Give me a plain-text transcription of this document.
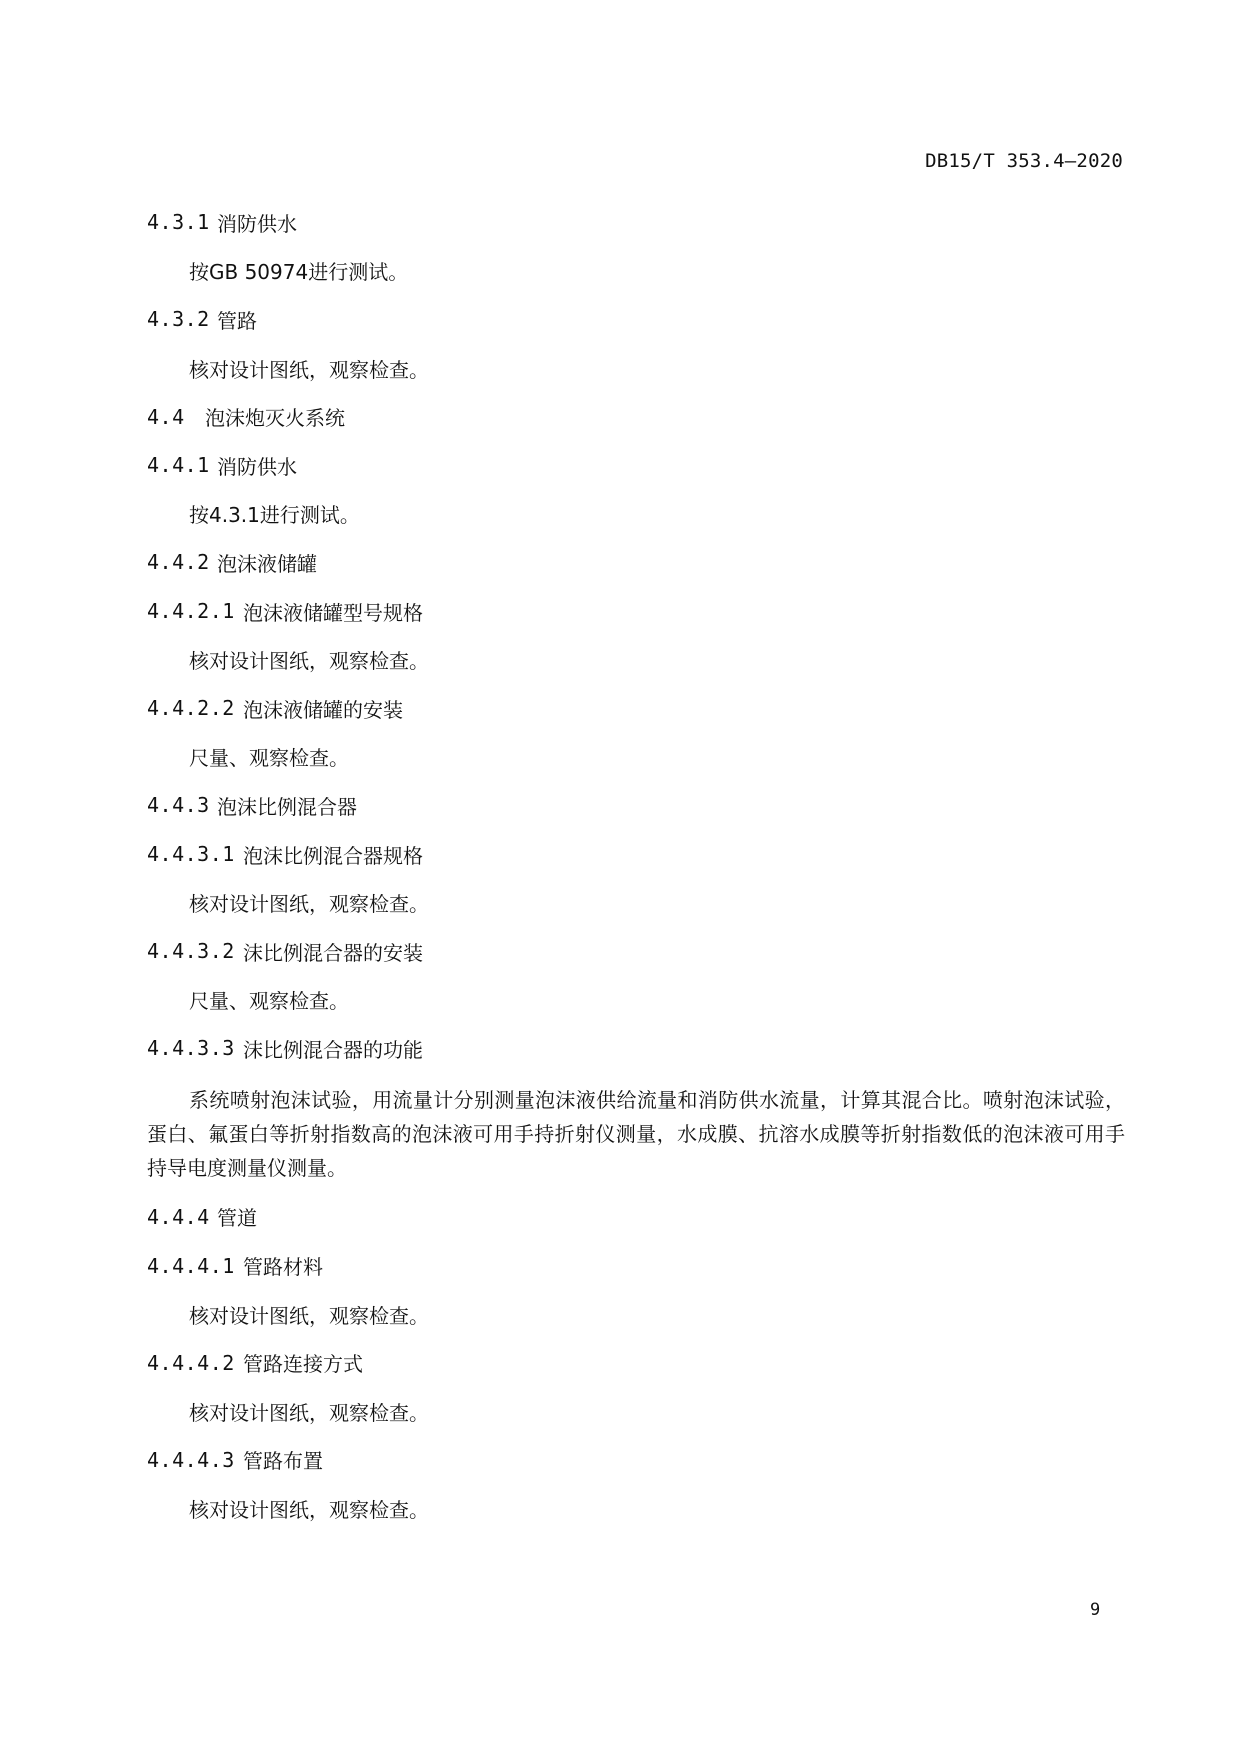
DB15/T 353.4—2020
4.3.1 消防供水
按GB 50974进行测试。
4.3.2 管路
核对设计图纸，观察检查。
4.4	泡沫炮灭火系统
4.4.1 消防供水
按4.3.1进行测试。
4.4.2 泡沫液储罐
4.4.2.1 泡沫液储罐型号规格
核对设计图纸，观察检查。
4.4.2.2 泡沫液储罐的安装
尺量、观察检查。
4.4.3 泡沫比例混合器
4.4.3.1 泡沫比例混合器规格
核对设计图纸，观察检查。
4.4.3.2 沫比例混合器的安装
尺量、观察检查。
4.4.3.3 沫比例混合器的功能
系统喷射泡沫试验，用流量计分别测量泡沫液供给流量和消防供水流量，计算其混合比。喷射泡沫试验，蛋白、氟蛋白等折射指数高的泡沫液可用手持折射仪测量，水成膜、抗溶水成膜等折射指数低的泡沫液可用手持导电度测量仪测量。
4.4.4 管道
4.4.4.1 管路材料
核对设计图纸，观察检查。
4.4.4.2 管路连接方式
核对设计图纸，观察检查。
4.4.4.3 管路布置
核对设计图纸，观察检查。
9
